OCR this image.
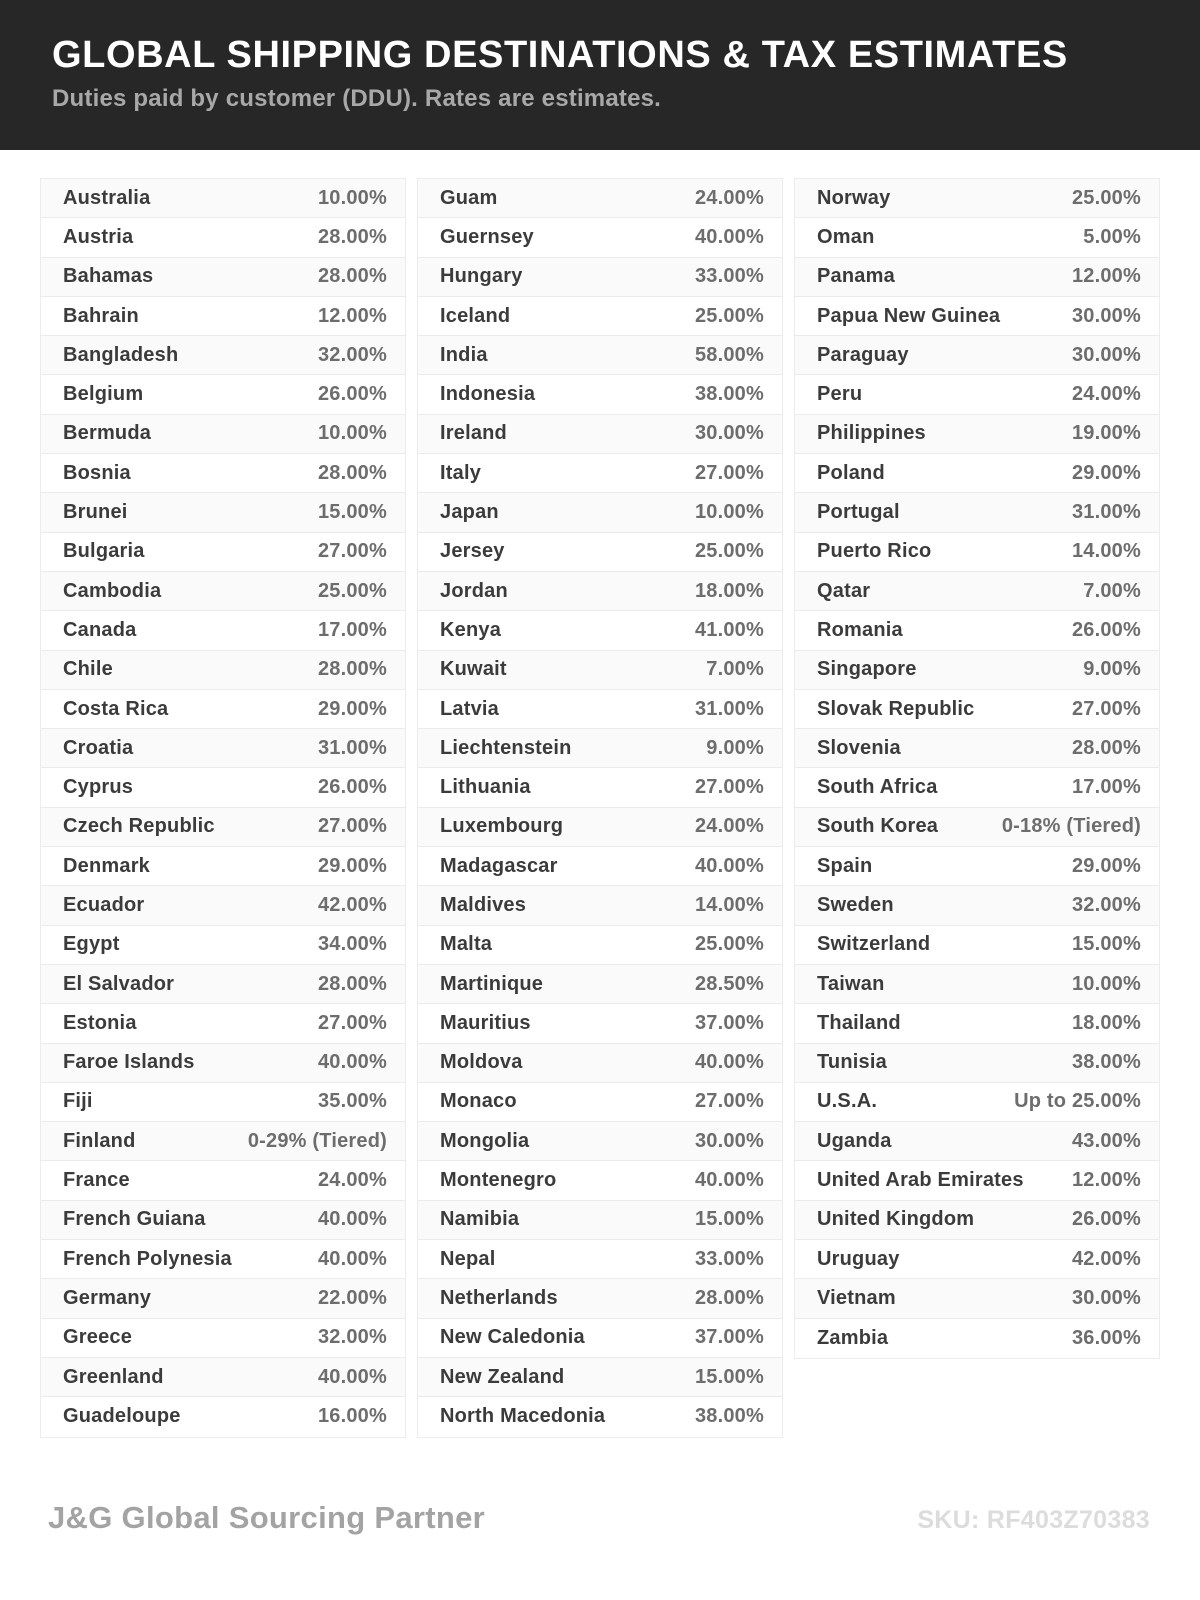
GLOBAL SHIPPING DESTINATIONS & TAX ESTIMATES
Duties paid by customer (DDU). Rates are estimates.
Australia	10.00%
Austria	28.00%
Bahamas	28.00%
Bahrain	12.00%
Bangladesh	32.00%
Belgium	26.00%
Bermuda	10.00%
Bosnia	28.00%
Brunei	15.00%
Bulgaria	27.00%
Cambodia	25.00%
Canada	17.00%
Chile	28.00%
Costa Rica	29.00%
Croatia	31.00%
Cyprus	26.00%
Czech Republic	27.00%
Denmark	29.00%
Ecuador	42.00%
Egypt	34.00%
El Salvador	28.00%
Estonia	27.00%
Faroe Islands	40.00%
Fiji	35.00%
Finland	0-29% (Tiered)
France	24.00%
French Guiana	40.00%
French Polynesia	40.00%
Germany	22.00%
Greece	32.00%
Greenland	40.00%
Guadeloupe	16.00%
Guam	24.00%
Guernsey	40.00%
Hungary	33.00%
Iceland	25.00%
India	58.00%
Indonesia	38.00%
Ireland	30.00%
Italy	27.00%
Japan	10.00%
Jersey	25.00%
Jordan	18.00%
Kenya	41.00%
Kuwait	7.00%
Latvia	31.00%
Liechtenstein	9.00%
Lithuania	27.00%
Luxembourg	24.00%
Madagascar	40.00%
Maldives	14.00%
Malta	25.00%
Martinique	28.50%
Mauritius	37.00%
Moldova	40.00%
Monaco	27.00%
Mongolia	30.00%
Montenegro	40.00%
Namibia	15.00%
Nepal	33.00%
Netherlands	28.00%
New Caledonia	37.00%
New Zealand	15.00%
North Macedonia	38.00%
Norway	25.00%
Oman	5.00%
Panama	12.00%
Papua New Guinea	30.00%
Paraguay	30.00%
Peru	24.00%
Philippines	19.00%
Poland	29.00%
Portugal	31.00%
Puerto Rico	14.00%
Qatar	7.00%
Romania	26.00%
Singapore	9.00%
Slovak Republic	27.00%
Slovenia	28.00%
South Africa	17.00%
South Korea	0-18% (Tiered)
Spain	29.00%
Sweden	32.00%
Switzerland	15.00%
Taiwan	10.00%
Thailand	18.00%
Tunisia	38.00%
U.S.A.	Up to 25.00%
Uganda	43.00%
United Arab Emirates 12.00%
United Kingdom	26.00%
Uruguay	42.00%
Vietnam	30.00%
Zambia	36.00%
J&G Global Sourcing Partner	SKU: RF403Z70383
